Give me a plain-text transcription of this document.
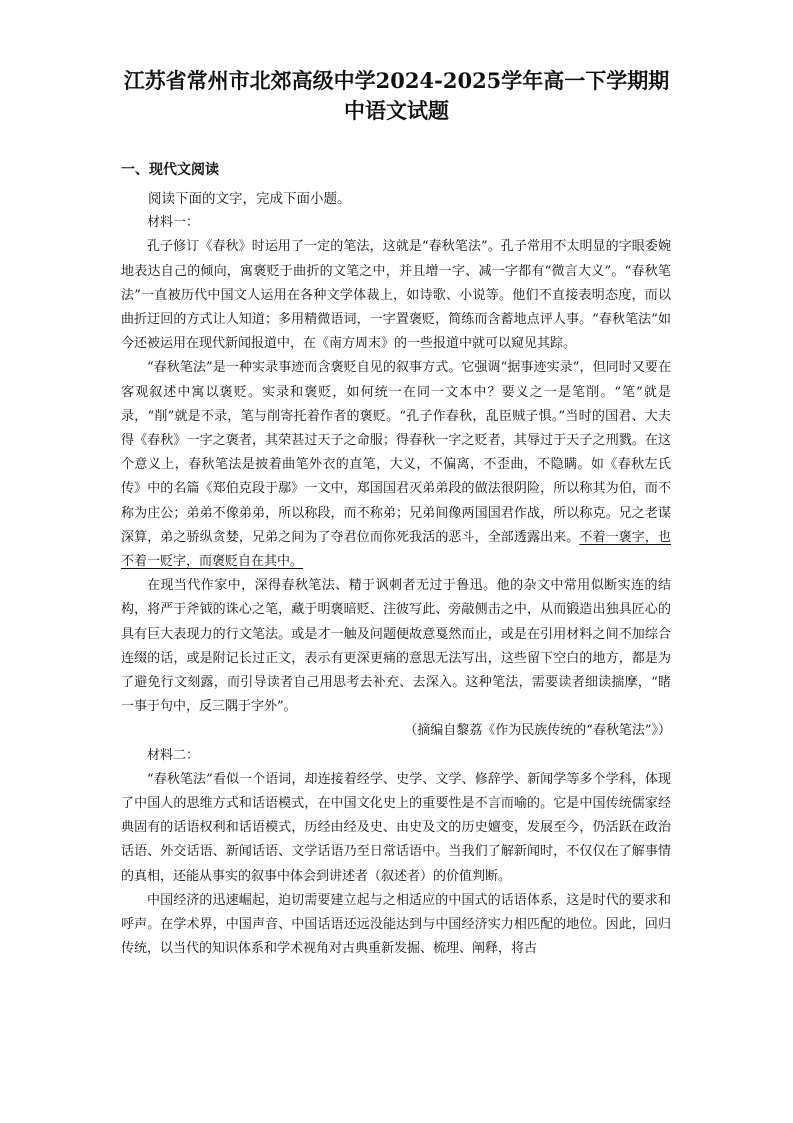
江苏省常州市北郊高级中学2024-2025学年高一下学期期
中语文试题
一、现代文阅读

阅读下面的文字，完成下面小题。

材料一：

孔子修订《春秋》时运用了一定的笔法，这就是“春秋笔法”。孔子常用不太明显的字眼委婉地表达自己的倾向，寓褒贬于曲折的文笔之中，并且增一字、减一字都有“微言大义”。“春秋笔法”一直被历代中国文人运用在各种文学体裁上，如诗歌、小说等。他们不直接表明态度，而以曲折迂回的方式让人知道；多用精微语词，一字置褒贬，简练而含蓄地点评人事。“春秋笔法”如今还被运用在现代新闻报道中，在《南方周末》的一些报道中就可以窥见其踪。

“春秋笔法”是一种实录事迹而含褒贬自见的叙事方式。它强调“据事迹实录”，但同时又要在客观叙述中寓以褒贬。实录和褒贬，如何统一在同一文本中？要义之一是笔削。“笔”就是录，“削”就是不录，笔与削寄托着作者的褒贬。“孔子作春秋，乱臣贼子惧。”当时的国君、大夫得《春秋》一字之褒者，其荣甚过天子之命服；得春秋一字之贬者，其辱过于天子之刑戮。在这个意义上，春秋笔法是披着曲笔外衣的直笔，大义，不偏离，不歪曲，不隐瞒。如《春秋左氏传》中的名篇《郑伯克段于鄢》一文中，郑国国君灭弟弟段的做法很阴险，所以称其为伯，而不称为庄公；弟弟不像弟弟，所以称段，而不称弟；兄弟间像两国国君作战，所以称克。兄之老谋深算，弟之骄纵贪婪，兄弟之间为了夺君位而你死我活的恶斗，全部透露出来。不着一褒字，也不着一贬字，而褒贬自在其中。

在现当代作家中，深得春秋笔法、精于讽刺者无过于鲁迅。他的杂文中常用似断实连的结构，将严于斧钺的诛心之笔，藏于明褒暗贬、注彼写此、旁敲侧击之中，从而锻造出独具匠心的具有巨大表现力的行文笔法。或是才一触及问题便故意戛然而止，或是在引用材料之间不加综合连缀的话，或是附记长过正文，表示有更深更痛的意思无法写出，这些留下空白的地方，都是为了避免行文刻露，而引导读者自己用思考去补充、去深入。这种笔法，需要读者细读揣摩，“睹一事于句中，反三隅于字外”。

（摘编自黎荔《作为民族传统的“春秋笔法”》）

材料二：

“春秋笔法”看似一个语词，却连接着经学、史学、文学、修辞学、新闻学等多个学科，体现了中国人的思维方式和话语模式，在中国文化史上的重要性是不言而喻的。它是中国传统儒家经典固有的话语权利和话语模式，历经由经及史、由史及文的历史嬗变，发展至今，仍活跃在政治话语、外交话语、新闻话语、文学话语乃至日常话语中。当我们了解新闻时，不仅仅在了解事情的真相，还能从事实的叙事中体会到讲述者（叙述者）的价值判断。

中国经济的迅速崛起，迫切需要建立起与之相适应的中国式的话语体系，这是时代的要求和呼声。在学术界，中国声音、中国话语还远没能达到与中国经济实力相匹配的地位。因此，回归传统，以当代的知识体系和学术视角对古典重新发掘、梳理、阐释，将古
